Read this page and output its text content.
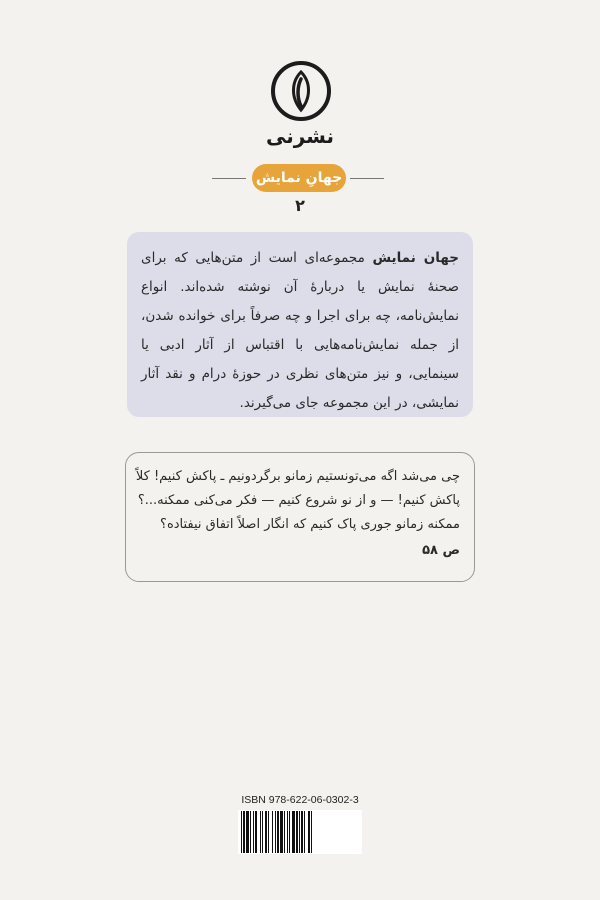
نشرنی
جهانِ نمایش
۲
جهان نمایش مجموعه‌ای است از متن‌هایی که برای صحنهٔ نمایش یا دربارهٔ آن نوشته شده‌اند. انواع نمایش‌نامه، چه برای اجرا و چه صرفاً برای خوانده شدن، از جمله نمایش‌نامه‌هایی با اقتباس از آثار ادبی یا سینمایی، و نیز متن‌های نظری در حوزهٔ درام و نقد آثار نمایشی، در این مجموعه جای می‌گیرند.
چی می‌شد اگه می‌تونستیم زمانو برگردونیم ـ پاکش کنیم! کلاً
پاکش کنیم! — و از نو شروع کنیم — فکر می‌کنی ممکنه...؟
ممکنه زمانو جوری پاک کنیم که انگار اصلاً اتفاق نیفتاده؟
ص ۵۸
ISBN 978-622-06-0302-3
